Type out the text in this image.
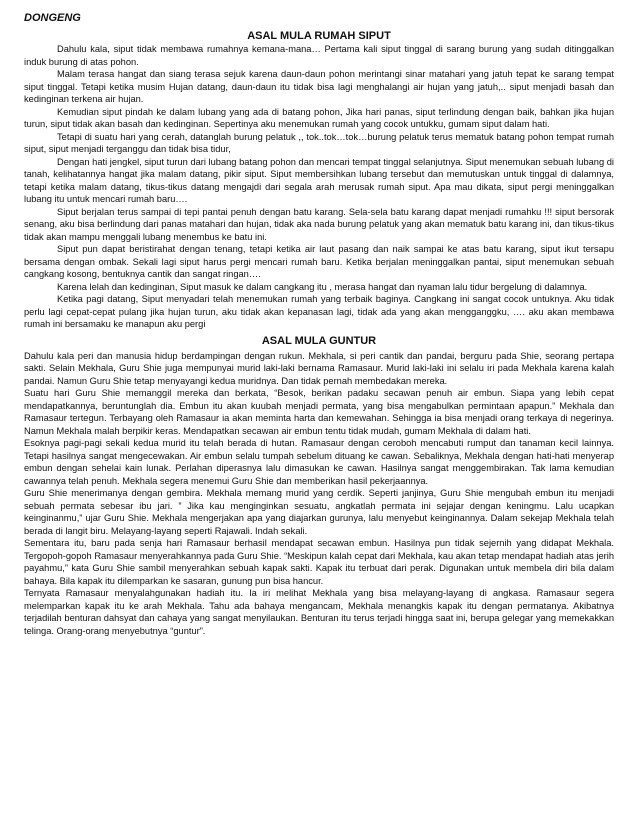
DONGENG
ASAL MULA RUMAH SIPUT

Dahulu kala, siput tidak membawa rumahnya kemana-mana… Pertama kali siput tinggal di sarang burung yang sudah ditinggalkan induk burung di atas pohon.

Malam terasa hangat dan siang terasa sejuk karena daun-daun pohon merintangi sinar matahari yang jatuh tepat ke sarang tempat siput tinggal. Tetapi ketika musim Hujan datang, daun-daun itu tidak bisa lagi menghalangi air hujan yang jatuh,.. siput menjadi basah dan kedinginan terkena air hujan.

Kemudian siput pindah ke dalam lubang yang ada di batang pohon, Jika hari panas, siput terlindung dengan baik, bahkan jika hujan turun, siput tidak akan basah dan kedinginan. Sepertinya aku menemukan rumah yang cocok untukku, gumam siput dalam hati.

Tetapi di suatu hari yang cerah, datanglah burung pelatuk ,, tok..tok…tok…burung pelatuk terus mematuk batang pohon tempat rumah siput, siput menjadi terganggu dan tidak bisa tidur,

Dengan hati jengkel, siput turun dari lubang batang pohon dan mencari tempat tinggal selanjutnya. Siput menemukan sebuah lubang di tanah, kelihatannya hangat jika malam datang, pikir siput. Siput membersihkan lubang tersebut dan memutuskan untuk tinggal di dalamnya, tetapi ketika malam datang, tikus-tikus datang mengajdi dari segala arah merusak rumah siput. Apa mau dikata, siput pergi meninggalkan lubang itu untuk mencari rumah baru….

Siput berjalan terus sampai di tepi pantai penuh dengan batu karang. Sela-sela batu karang dapat menjadi rumahku !!! siput bersorak senang, aku bisa berlindung dari panas matahari dan hujan, tidak aka nada burung pelatuk yang akan mematuk batu karang ini, dan tikus-tikus tidak akan mampu menggali lubang menembus ke batu ini.

Siput pun dapat beristirahat dengan tenang, tetapi ketika air laut pasang dan naik sampai ke atas batu karang, siput ikut tersapu bersama dengan ombak. Sekali lagi siput harus pergi mencari rumah baru. Ketika berjalan meninggalkan pantai, siput menemukan sebuah cangkang kosong, bentuknya cantik dan sangat ringan….

Karena lelah dan kedinginan, Siput masuk ke dalam cangkang itu , merasa hangat dan nyaman lalu tidur bergelung di dalamnya.

Ketika pagi datang, Siput menyadari telah menemukan rumah yang terbaik baginya. Cangkang ini sangat cocok untuknya. Aku tidak perlu lagi cepat-cepat pulang jika hujan turun, aku tidak akan kepanasan lagi, tidak ada yang akan mengganggku, …. aku akan membawa rumah ini bersamaku ke manapun aku pergi

ASAL MULA GUNTUR

Dahulu kala peri dan manusia hidup berdampingan dengan rukun. Mekhala, si peri cantik dan pandai, berguru pada Shie, seorang pertapa sakti. Selain Mekhala, Guru Shie juga mempunyai murid laki-laki bernama Ramasaur. Murid laki-laki ini selalu iri pada Mekhala karena kalah pandai. Namun Guru Shie tetap menyayangi kedua muridnya. Dan tidak pernah membedakan mereka.

Suatu hari Guru Shie memanggil mereka dan berkata, “Besok, berikan padaku secawan penuh air embun. Siapa yang lebih cepat mendapatkannya, beruntunglah dia. Embun itu akan kuubah menjadi permata, yang bisa mengabulkan permintaan apapun.” Mekhala dan Ramasaur tertegun. Terbayang oleh Ramasaur ia akan meminta harta dan kemewahan. Sehingga ia bisa menjadi orang terkaya di negerinya. Namun Mekhala malah berpikir keras. Mendapatkan secawan air embun tentu tidak mudah, gumam Mekhala di dalam hati.

Esoknya pagi-pagi sekali kedua murid itu telah berada di hutan. Ramasaur dengan ceroboh mencabuti rumput dan tanaman kecil lainnya. Tetapi hasilnya sangat mengecewakan. Air embun selalu tumpah sebelum dituang ke cawan. Sebaliknya, Mekhala dengan hati-hati menyerap embun dengan sehelai kain lunak. Perlahan diperasnya lalu dimasukan ke cawan. Hasilnya sangat menggembirakan. Tak lama kemudian cawannya telah penuh. Mekhala segera menemui Guru Shie dan memberikan hasil pekerjaannya.

Guru Shie menerimanya dengan gembira. Mekhala memang murid yang cerdik. Seperti janjinya, Guru Shie mengubah embun itu menjadi sebuah permata sebesar ibu jari. ” Jika kau menginginkan sesuatu, angkatlah permata ini sejajar dengan keningmu. Lalu ucapkan keinginanmu,” ujar Guru Shie. Mekhala mengerjakan apa yang diajarkan gurunya, lalu menyebut keinginannya. Dalam sekejap Mekhala telah berada di langit biru. Melayang-layang seperti Rajawali. Indah sekali.

Sementara itu, baru pada senja hari Ramasaur berhasil mendapat secawan embun. Hasilnya pun tidak sejernih yang didapat Mekhala. Tergopoh-gopoh Ramasaur menyerahkannya pada Guru Shie. “Meskipun kalah cepat dari Mekhala, kau akan tetap mendapat hadiah atas jerih payahmu,” kata Guru Shie sambil menyerahkan sebuah kapak sakti. Kapak itu terbuat dari perak. Digunakan untuk membela diri bila dalam bahaya. Bila kapak itu dilemparkan ke sasaran, gunung pun bisa hancur.

Ternyata Ramasaur menyalahgunakan hadiah itu. Ia iri melihat Mekhala yang bisa melayang-layang di angkasa. Ramasaur segera melemparkan kapak itu ke arah Mekhala. Tahu ada bahaya mengancam, Mekhala menangkis kapak itu dengan permatanya. Akibatnya terjadilah benturan dahsyat dan cahaya yang sangat menyilaukan. Benturan itu terus terjadi hingga saat ini, berupa gelegar yang memekakkan telinga. Orang-orang menyebutnya “guntur”.
